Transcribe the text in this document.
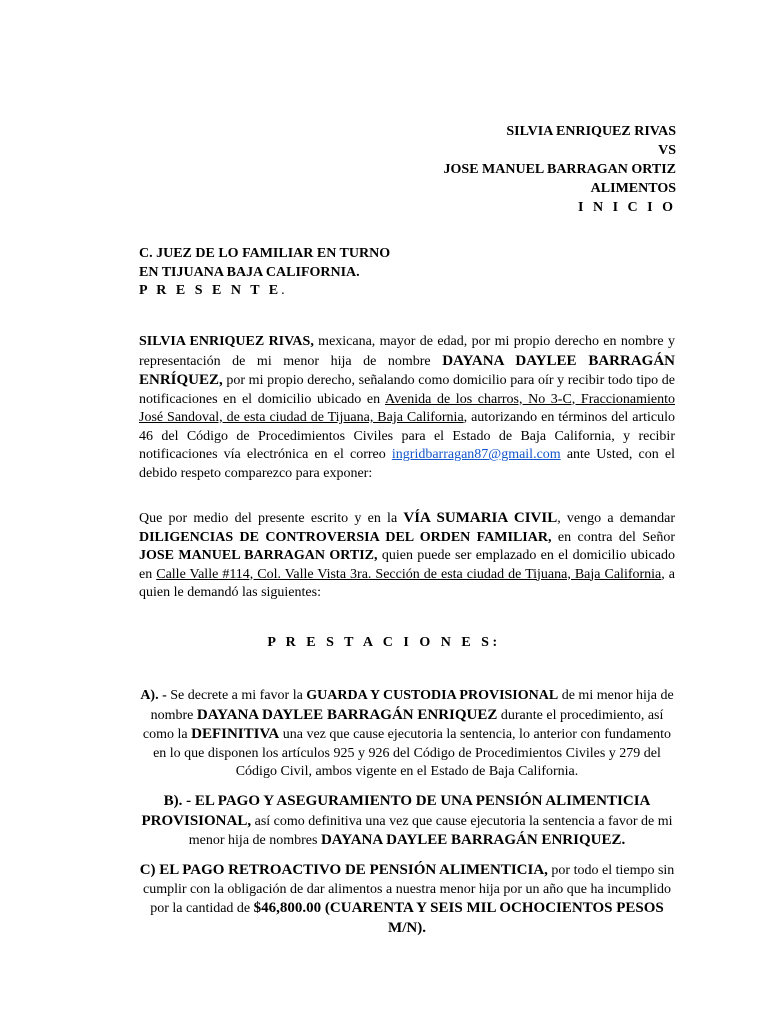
SILVIA ENRIQUEZ RIVAS
VS
JOSE MANUEL BARRAGAN ORTIZ
ALIMENTOS
I N I C I O
C. JUEZ DE LO FAMILIAR EN TURNO
EN TIJUANA BAJA CALIFORNIA.
P R E S E N T E.
SILVIA ENRIQUEZ RIVAS, mexicana, mayor de edad, por mi propio derecho en nombre y representación de mi menor hija de nombre DAYANA DAYLEE BARRAGÁN ENRÍQUEZ, por mi propio derecho, señalando como domicilio para oír y recibir todo tipo de notificaciones en el domicilio ubicado en Avenida de los charros, No 3-C, Fraccionamiento José Sandoval, de esta ciudad de Tijuana, Baja California, autorizando en términos del articulo 46 del Código de Procedimientos Civiles para el Estado de Baja California, y recibir notificaciones vía electrónica en el correo ingridbarragan87@gmail.com ante Usted, con el debido respeto comparezco para exponer:
Que por medio del presente escrito y en la VÍA SUMARIA CIVIL, vengo a demandar DILIGENCIAS DE CONTROVERSIA DEL ORDEN FAMILIAR, en contra del Señor JOSE MANUEL BARRAGAN ORTIZ, quien puede ser emplazado en el domicilio ubicado en Calle Valle #114, Col. Valle Vista 3ra. Sección de esta ciudad de Tijuana, Baja California, a quien le demandó las siguientes:
P R E S T A C I O N E S:
A). - Se decrete a mi favor la GUARDA Y CUSTODIA PROVISIONAL de mi menor hija de nombre DAYANA DAYLEE BARRAGÁN ENRIQUEZ durante el procedimiento, así como la DEFINITIVA una vez que cause ejecutoria la sentencia, lo anterior con fundamento en lo que disponen los artículos 925 y 926 del Código de Procedimientos Civiles y 279 del Código Civil, ambos vigente en el Estado de Baja California.
B). - EL PAGO Y ASEGURAMIENTO DE UNA PENSIÓN ALIMENTICIA PROVISIONAL, así como definitiva una vez que cause ejecutoria la sentencia a favor de mi menor hija de nombres DAYANA DAYLEE BARRAGÁN ENRIQUEZ.
C) EL PAGO RETROACTIVO DE PENSIÓN ALIMENTICIA, por todo el tiempo sin cumplir con la obligación de dar alimentos a nuestra menor hija por un año que ha incumplido por la cantidad de $46,800.00 (CUARENTA Y SEIS MIL OCHOCIENTOS PESOS M/N).
